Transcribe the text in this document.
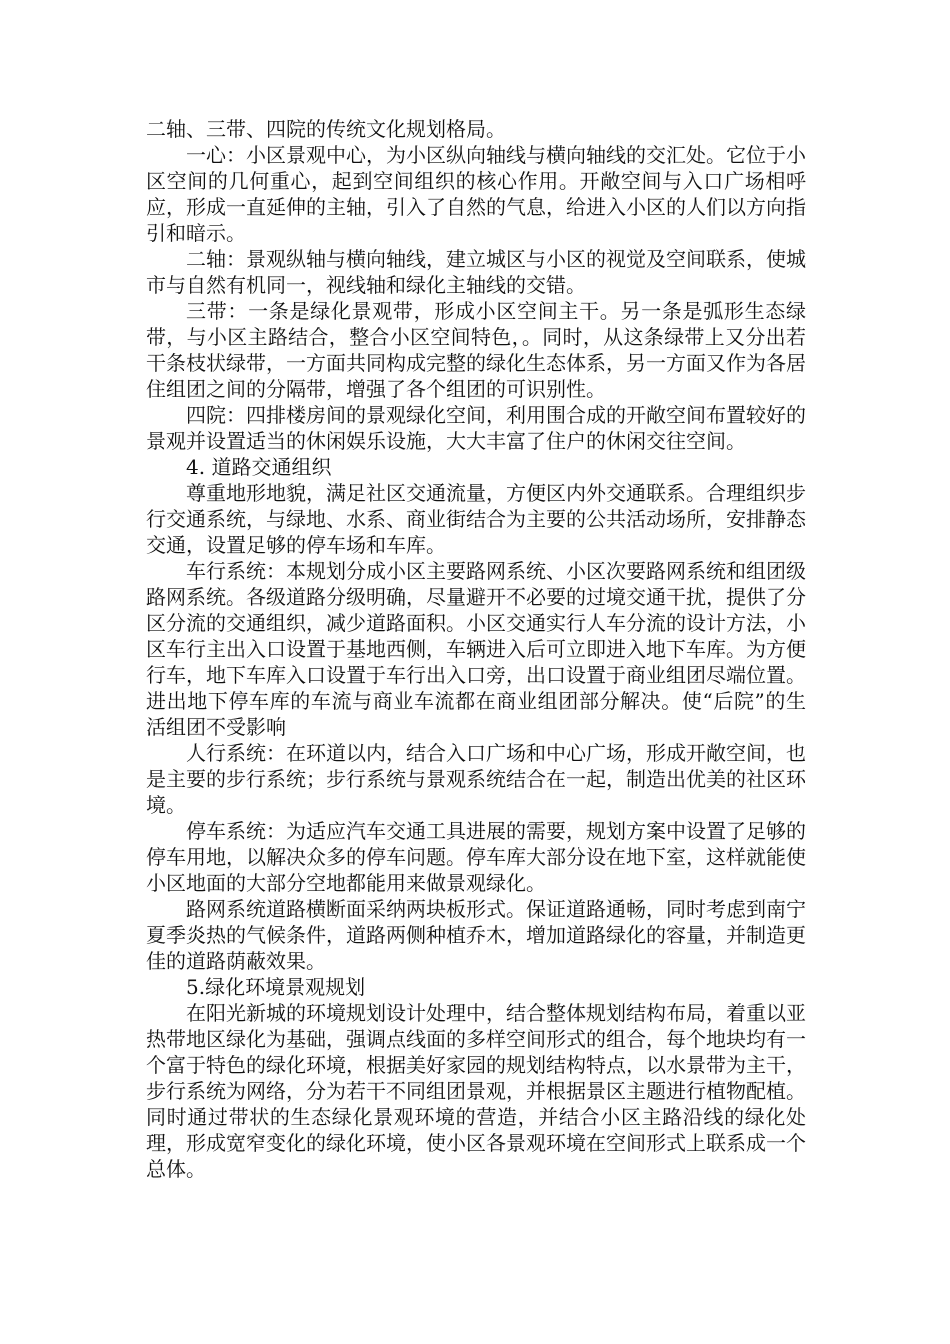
二轴、三带、四院的传统文化规划格局。

一心：小区景观中心，为小区纵向轴线与横向轴线的交汇处。它位于小区空间的几何重心，起到空间组织的核心作用。开敞空间与入口广场相呼应，形成一直延伸的主轴，引入了自然的气息，给进入小区的人们以方向指引和暗示。

二轴：景观纵轴与横向轴线，建立城区与小区的视觉及空间联系，使城市与自然有机同一，视线轴和绿化主轴线的交错。

三带：一条是绿化景观带，形成小区空间主干。另一条是弧形生态绿带，与小区主路结合，整合小区空间特色，。同时，从这条绿带上又分出若干条枝状绿带，一方面共同构成完整的绿化生态体系，另一方面又作为各居住组团之间的分隔带，增强了各个组团的可识别性。

四院：四排楼房间的景观绿化空间，利用围合成的开敞空间布置较好的景观并设置适当的休闲娱乐设施，大大丰富了住户的休闲交往空间。

4. 道路交通组织

尊重地形地貌，满足社区交通流量，方便区内外交通联系。合理组织步行交通系统，与绿地、水系、商业街结合为主要的公共活动场所，安排静态交通，设置足够的停车场和车库。

车行系统：本规划分成小区主要路网系统、小区次要路网系统和组团级路网系统。各级道路分级明确，尽量避开不必要的过境交通干扰，提供了分区分流的交通组织，减少道路面积。小区交通实行人车分流的设计方法，小区车行主出入口设置于基地西侧，车辆进入后可立即进入地下车库。为方便行车，地下车库入口设置于车行出入口旁，出口设置于商业组团尽端位置。进出地下停车库的车流与商业车流都在商业组团部分解决。使“后院”的生活组团不受影响

人行系统：在环道以内，结合入口广场和中心广场，形成开敞空间，也是主要的步行系统；步行系统与景观系统结合在一起，制造出优美的社区环境。

停车系统：为适应汽车交通工具进展的需要，规划方案中设置了足够的停车用地，以解决众多的停车问题。停车库大部分设在地下室，这样就能使小区地面的大部分空地都能用来做景观绿化。

路网系统道路横断面采纳两块板形式。保证道路通畅，同时考虑到南宁夏季炎热的气候条件，道路两侧种植乔木，增加道路绿化的容量，并制造更佳的道路荫蔽效果。

5.绿化环境景观规划

在阳光新城的环境规划设计处理中，结合整体规划结构布局，着重以亚热带地区绿化为基础，强调点线面的多样空间形式的组合，每个地块均有一个富于特色的绿化环境，根据美好家园的规划结构特点，以水景带为主干，步行系统为网络，分为若干不同组团景观，并根据景区主题进行植物配植。同时通过带状的生态绿化景观环境的营造，并结合小区主路沿线的绿化处理，形成宽窄变化的绿化环境，使小区各景观环境在空间形式上联系成一个总体。
